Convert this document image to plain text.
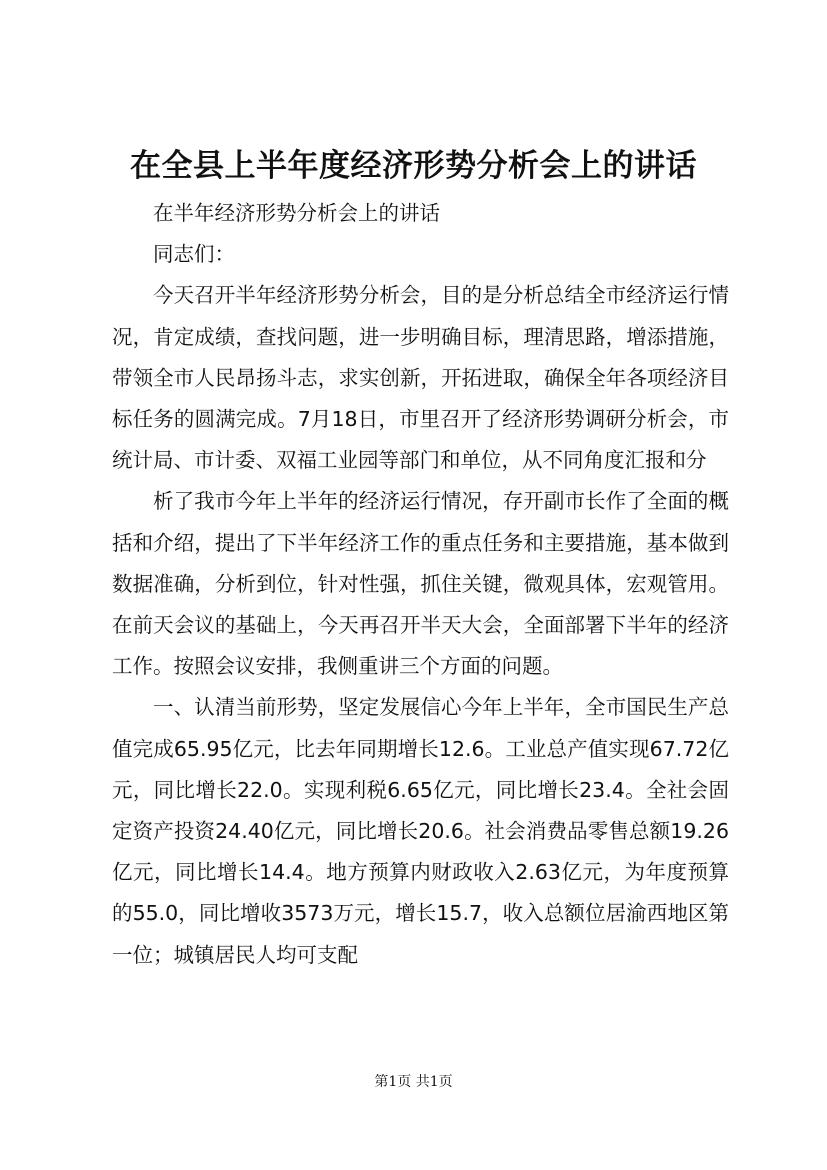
在全县上半年度经济形势分析会上的讲话

在半年经济形势分析会上的讲话

同志们：

今天召开半年经济形势分析会，目的是分析总结全市经济运行情况，肯定成绩，查找问题，进一步明确目标，理清思路，增添措施，带领全市人民昂扬斗志，求实创新，开拓进取，确保全年各项经济目标任务的圆满完成。7月18日，市里召开了经济形势调研分析会，市统计局、市计委、双福工业园等部门和单位，从不同角度汇报和分

析了我市今年上半年的经济运行情况，存开副市长作了全面的概括和介绍，提出了下半年经济工作的重点任务和主要措施，基本做到数据准确，分析到位，针对性强，抓住关键，微观具体，宏观管用。在前天会议的基础上，今天再召开半天大会，全面部署下半年的经济工作。按照会议安排，我侧重讲三个方面的问题。

一、认清当前形势，坚定发展信心今年上半年，全市国民生产总值完成65.95亿元，比去年同期增长12.6。工业总产值实现67.72亿元，同比增长22.0。实现利税6.65亿元，同比增长23.4。全社会固定资产投资24.40亿元，同比增长20.6。社会消费品零售总额19.26亿元，同比增长14.4。地方预算内财政收入2.63亿元，为年度预算的55.0，同比增收3573万元，增长15.7，收入总额位居渝西地区第一位；城镇居民人均可支配

第1页 共1页
